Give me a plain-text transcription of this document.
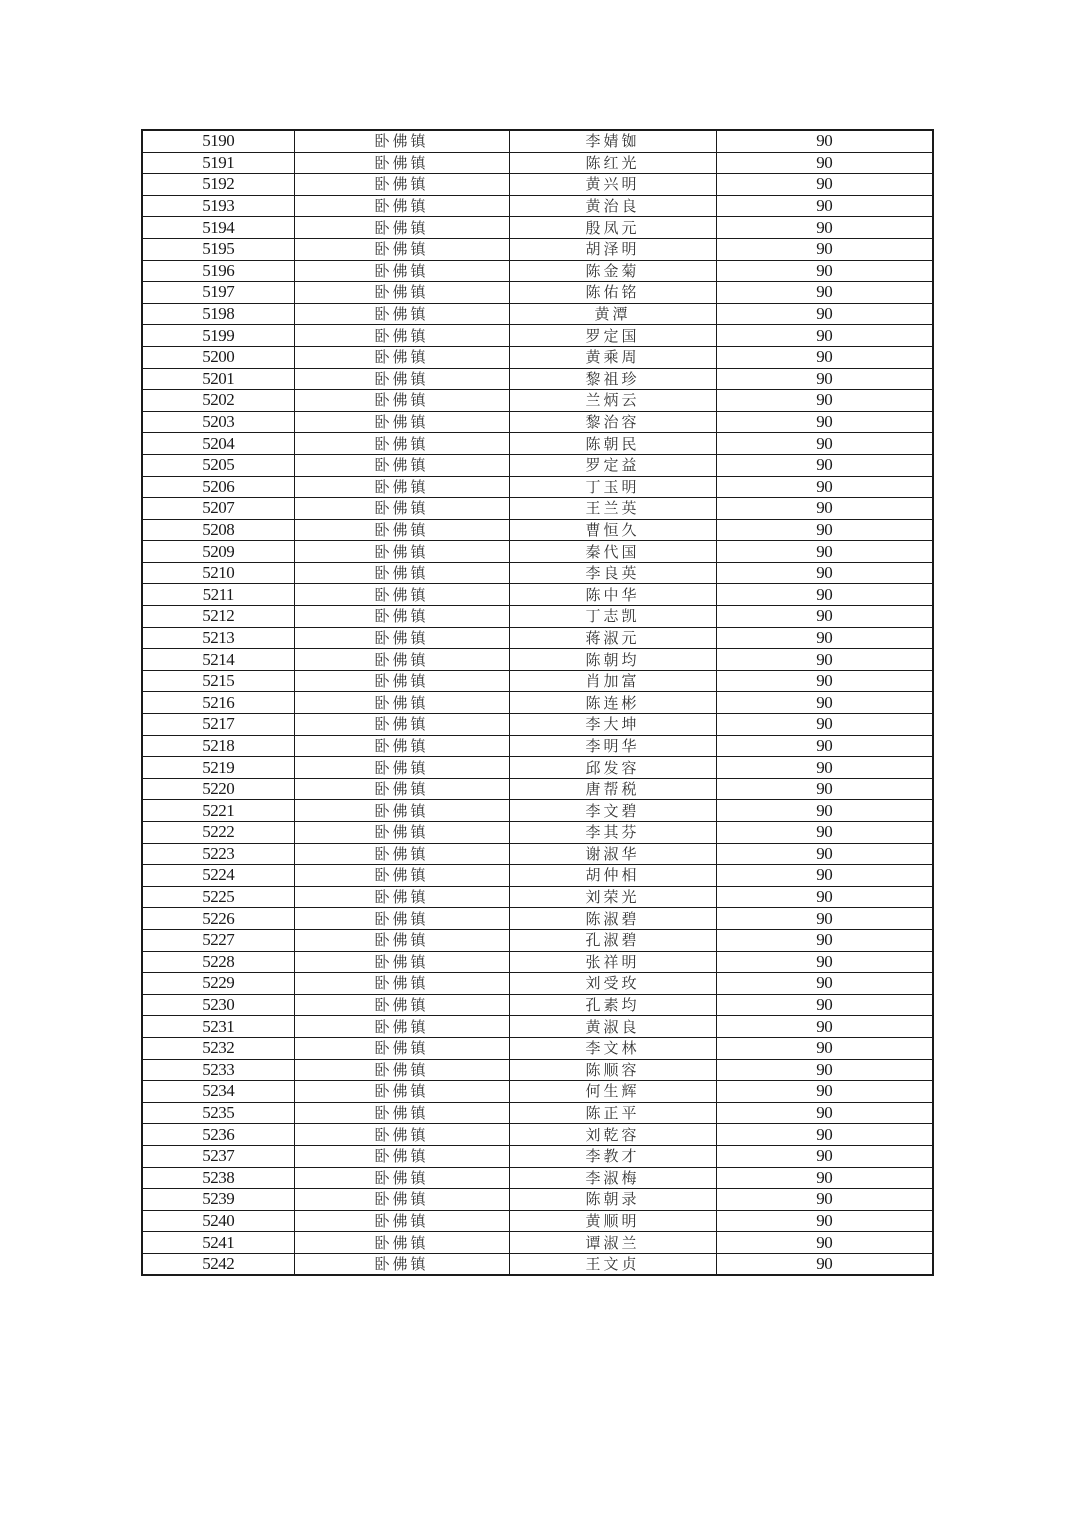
5190	卧佛镇	李婧铷	90
5191	卧佛镇	陈红光	90
5192	卧佛镇	黄兴明	90
5193	卧佛镇	黄治良	90
5194	卧佛镇	殷凤元	90
5195	卧佛镇	胡泽明	90
5196	卧佛镇	陈金菊	90
5197	卧佛镇	陈佑铭	90
5198	卧佛镇	黄潭	90
5199	卧佛镇	罗定国	90
5200	卧佛镇	黄乘周	90
5201	卧佛镇	黎祖珍	90
5202	卧佛镇	兰炳云	90
5203	卧佛镇	黎治容	90
5204	卧佛镇	陈朝民	90
5205	卧佛镇	罗定益	90
5206	卧佛镇	丁玉明	90
5207	卧佛镇	王兰英	90
5208	卧佛镇	曹恒久	90
5209	卧佛镇	秦代国	90
5210	卧佛镇	李良英	90
5211	卧佛镇	陈中华	90
5212	卧佛镇	丁志凯	90
5213	卧佛镇	蒋淑元	90
5214	卧佛镇	陈朝均	90
5215	卧佛镇	肖加富	90
5216	卧佛镇	陈连彬	90
5217	卧佛镇	李大坤	90
5218	卧佛镇	李明华	90
5219	卧佛镇	邱发容	90
5220	卧佛镇	唐帮税	90
5221	卧佛镇	李文碧	90
5222	卧佛镇	李其芬	90
5223	卧佛镇	谢淑华	90
5224	卧佛镇	胡仲相	90
5225	卧佛镇	刘荣光	90
5226	卧佛镇	陈淑碧	90
5227	卧佛镇	孔淑碧	90
5228	卧佛镇	张祥明	90
5229	卧佛镇	刘受玫	90
5230	卧佛镇	孔素均	90
5231	卧佛镇	黄淑良	90
5232	卧佛镇	李文林	90
5233	卧佛镇	陈顺容	90
5234	卧佛镇	何生辉	90
5235	卧佛镇	陈正平	90
5236	卧佛镇	刘乾容	90
5237	卧佛镇	李教才	90
5238	卧佛镇	李淑梅	90
5239	卧佛镇	陈朝录	90
5240	卧佛镇	黄顺明	90
5241	卧佛镇	谭淑兰	90
5242	卧佛镇	王文贞	90
